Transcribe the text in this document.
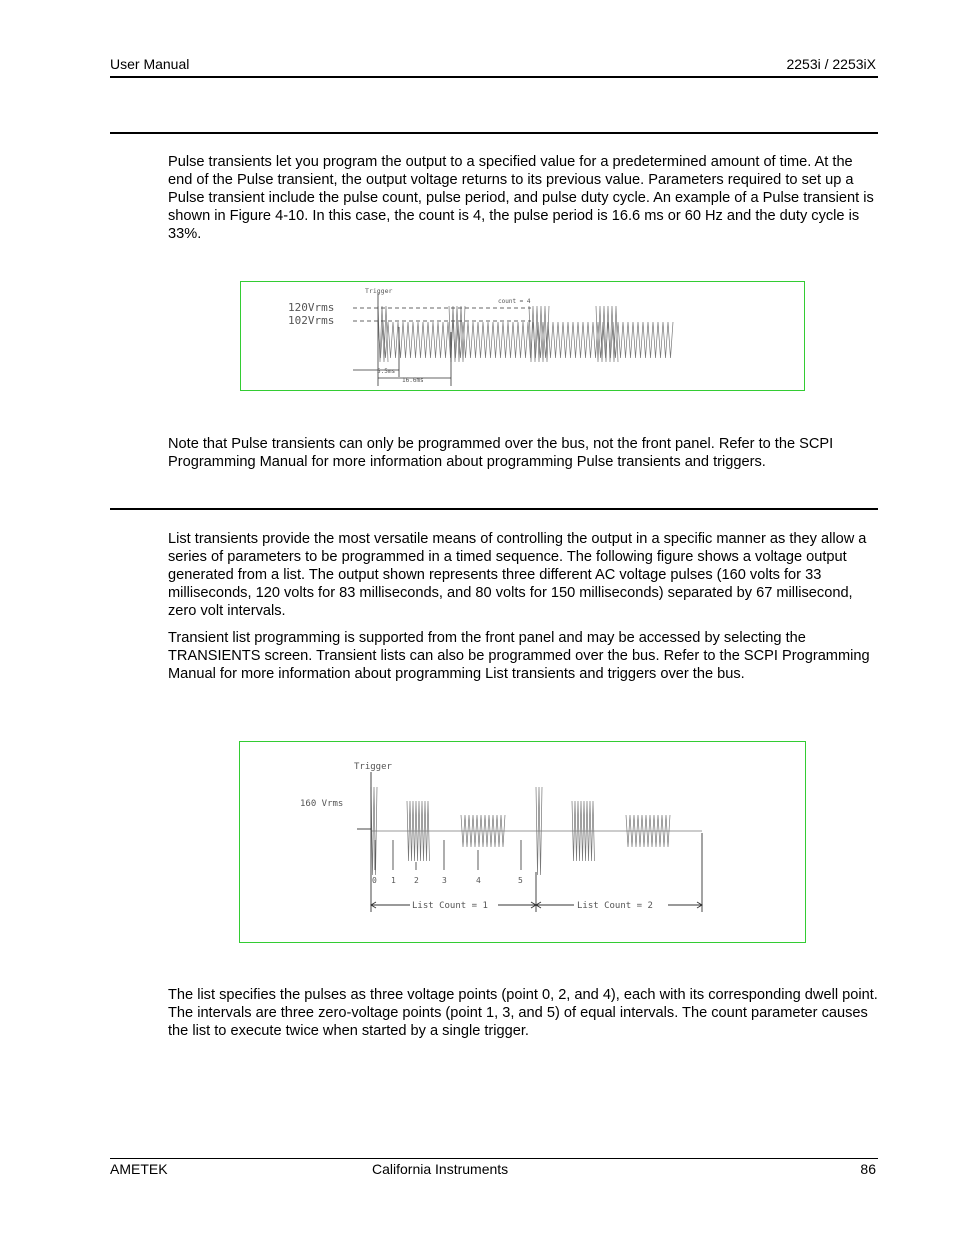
User Manual	2253i / 2253iX

Pulse transients let you program the output to a specified value for a predetermined amount of time. At the end of the Pulse transient, the output voltage returns to its previous value. Parameters required to set up a Pulse transient include the pulse count, pulse period, and pulse duty cycle. An example of a Pulse transient is shown in Figure 4-10. In this case, the count is 4, the pulse period is 16.6 ms or 60 Hz and the duty cycle is 33%.

Trigger
count = 4
120Vrms
102Vrms
5.5ms
16.6ms

Note that Pulse transients can only be programmed over the bus, not the front panel. Refer to the SCPI Programming Manual for more information about programming Pulse transients and triggers.

List transients provide the most versatile means of controlling the output in a specific manner as they allow a series of parameters to be programmed in a timed sequence. The following figure shows a voltage output generated from a list. The output shown represents three different AC voltage pulses (160 volts for 33 milliseconds, 120 volts for 83 milliseconds, and 80 volts for 150 milliseconds) separated by 67 millisecond, zero volt intervals.

Transient list programming is supported from the front panel and may be accessed by selecting the TRANSIENTS screen. Transient lists can also be programmed over the bus. Refer to the SCPI Programming Manual for more information about programming List transients and triggers over the bus.

Trigger
160 Vrms
0 1 2	3	4	5
List Count = 1	List Count = 2

The list specifies the pulses as three voltage points (point 0, 2, and 4), each with its corresponding dwell point. The intervals are three zero-voltage points (point 1, 3, and 5) of equal intervals. The count parameter causes the list to execute twice when started by a single trigger.

AMETEK	California Instruments	86
